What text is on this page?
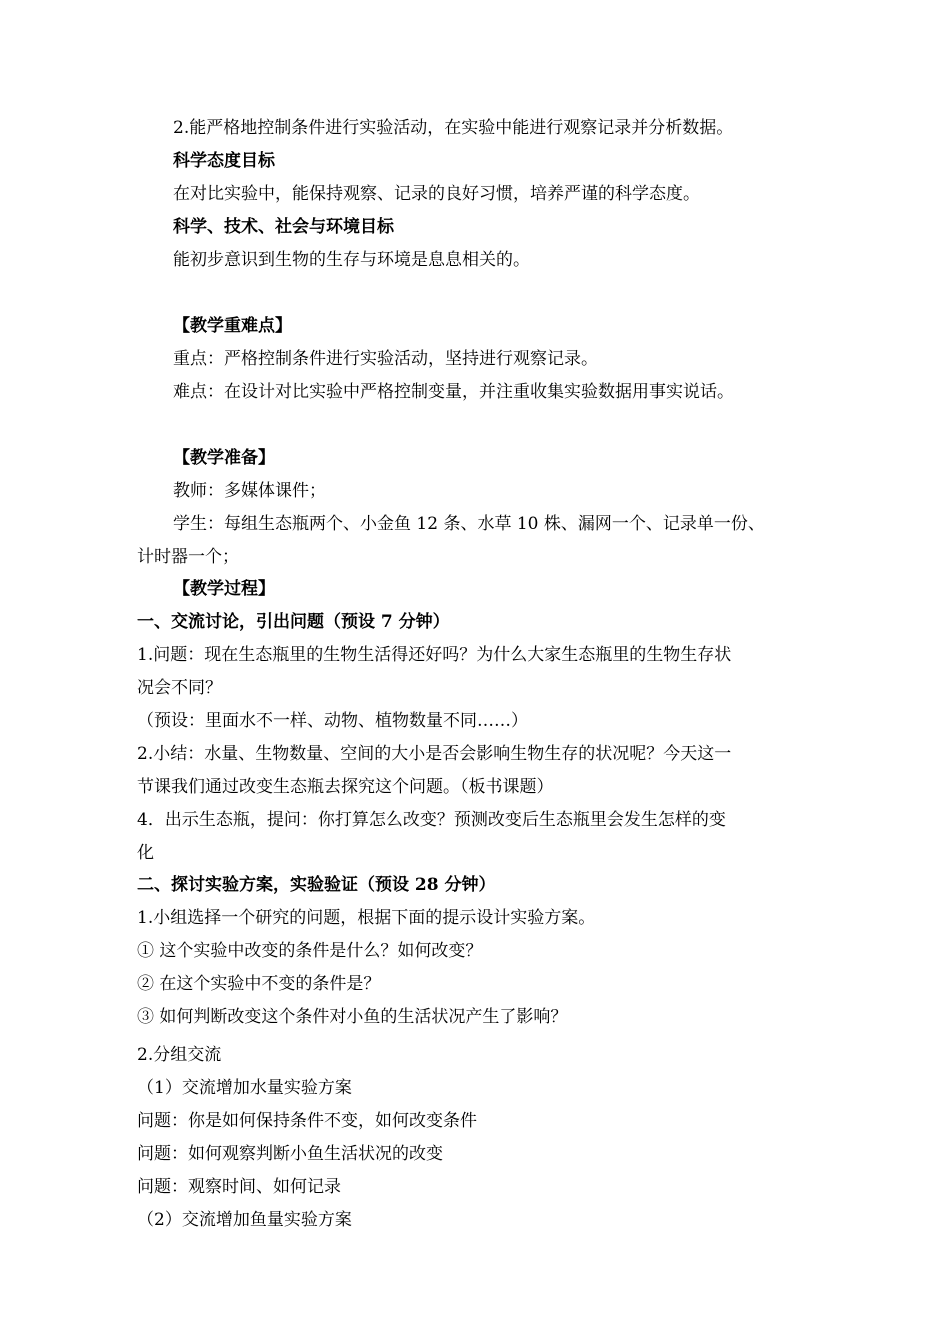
2.能严格地控制条件进行实验活动，在实验中能进行观察记录并分析数据。
科学态度目标
在对比实验中，能保持观察、记录的良好习惯，培养严谨的科学态度。
科学、技术、社会与环境目标
能初步意识到生物的生存与环境是息息相关的。
【教学重难点】
重点：严格控制条件进行实验活动，坚持进行观察记录。
难点：在设计对比实验中严格控制变量，并注重收集实验数据用事实说话。
【教学准备】
教师：多媒体课件；
学生：每组生态瓶两个、小金鱼 12 条、水草 10 株、漏网一个、记录单一份、
计时器一个；
【教学过程】
一、交流讨论，引出问题（预设 7 分钟）
1.问题：现在生态瓶里的生物生活得还好吗？为什么大家生态瓶里的生物生存状
况会不同？
（预设：里面水不一样、动物、植物数量不同……）
2.小结：水量、生物数量、空间的大小是否会影响生物生存的状况呢？今天这一
节课我们通过改变生态瓶去探究这个问题。（板书课题）
4．出示生态瓶，提问：你打算怎么改变？预测改变后生态瓶里会发生怎样的变
化
二、探讨实验方案，实验验证（预设 28 分钟）
1.小组选择一个研究的问题，根据下面的提示设计实验方案。
① 这个实验中改变的条件是什么？如何改变？
② 在这个实验中不变的条件是？
③ 如何判断改变这个条件对小鱼的生活状况产生了影响？
2.分组交流
（1）交流增加水量实验方案
问题：你是如何保持条件不变，如何改变条件
问题：如何观察判断小鱼生活状况的改变
问题：观察时间、如何记录
（2）交流增加鱼量实验方案
